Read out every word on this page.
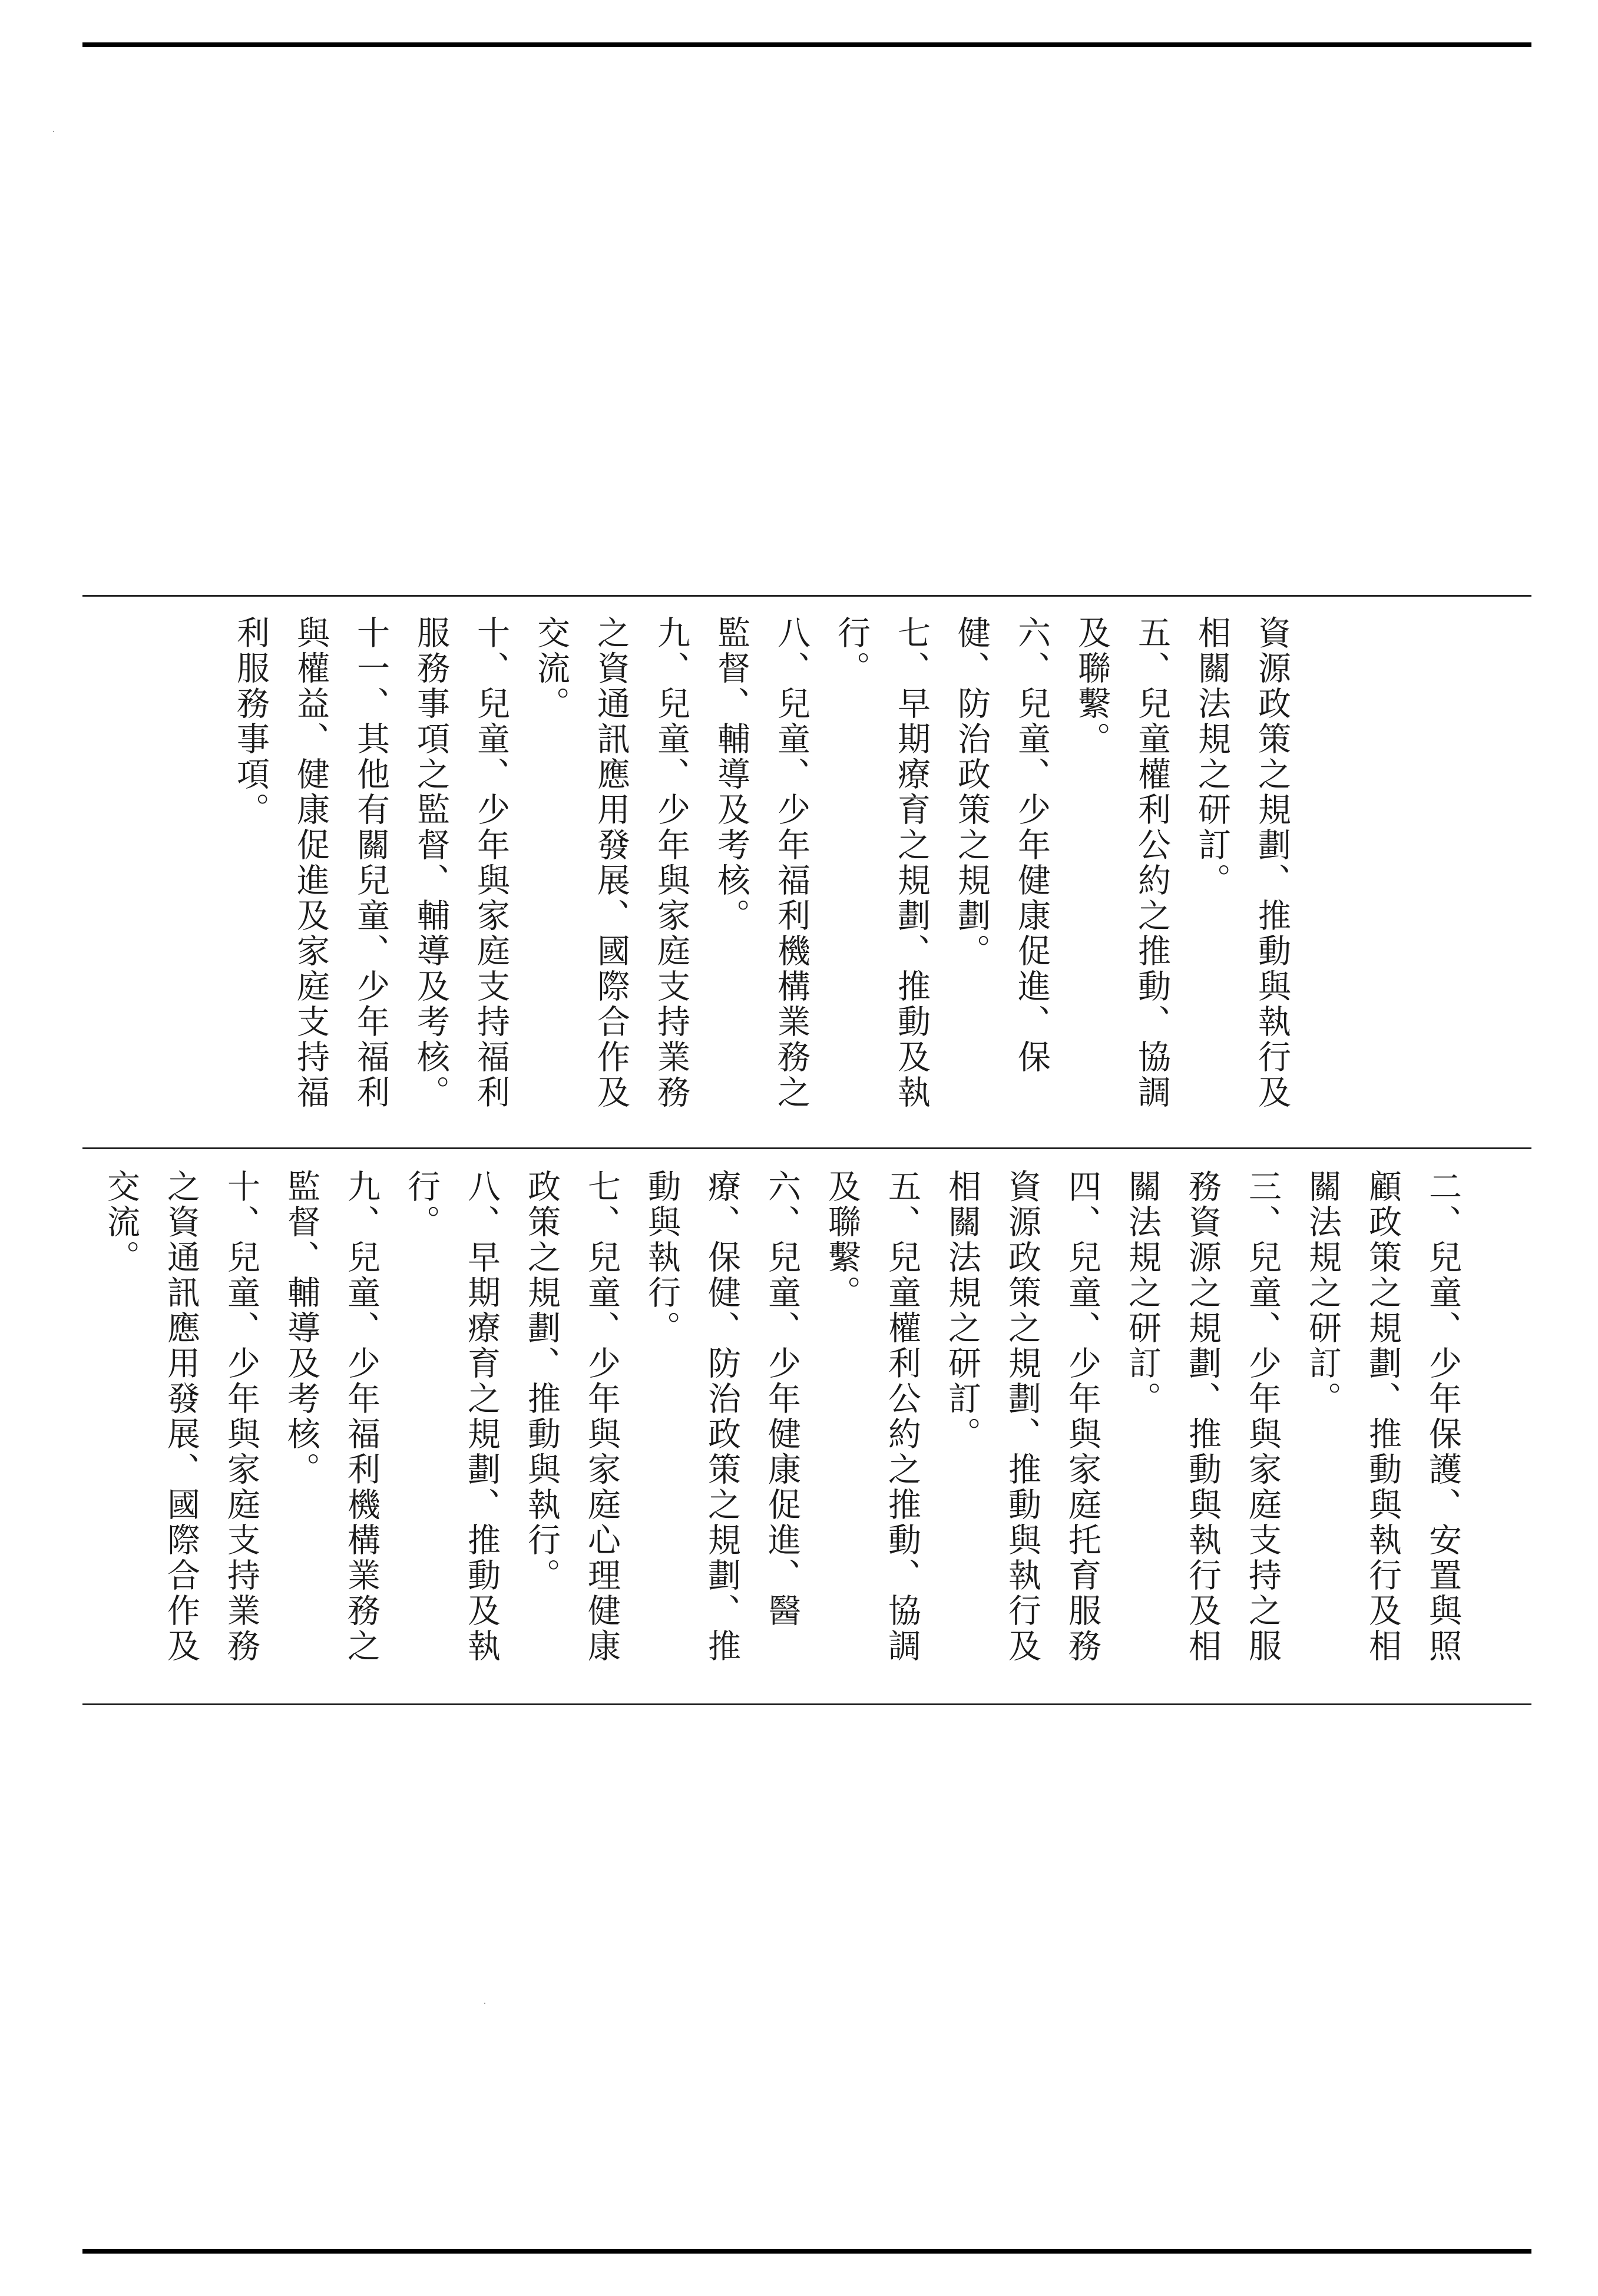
二、兒童、少年保護、安置與照顧政策之規劃、推動與執行及相關法規之研訂。
三、兒童、少年與家庭支持之服務資源之規劃、推動與執行及相關法規之研訂。
四、兒童、少年與家庭托育服務資源政策之規劃、推動與執行及相關法規之研訂。
五、兒童權利公約之推動、協調及聯繫。
六、兒童、少年健康促進、醫療、保健、防治政策之規劃、推動與執行。
七、兒童、少年與家庭心理健康政策之規劃、推動與執行。
八、早期療育之規劃、推動及執行。
九、兒童、少年福利機構業務之監督、輔導及考核。
十、兒童、少年與家庭支持業務之資通訊應用發展、國際合作及交流。
資源政策之規劃、推動與執行及相關法規之研訂。
五、兒童權利公約之推動、協調及聯繫。
六、兒童、少年健康促進、保健、防治政策之規劃。
七、早期療育之規劃、推動及執行。
八、兒童、少年福利機構業務之監督、輔導及考核。
九、兒童、少年與家庭支持業務之資通訊應用發展、國際合作及交流。
十、兒童、少年與家庭支持福利服務事項之監督、輔導及考核。
十一、其他有關兒童、少年福利與權益、健康促進及家庭支持福利服務事項。
